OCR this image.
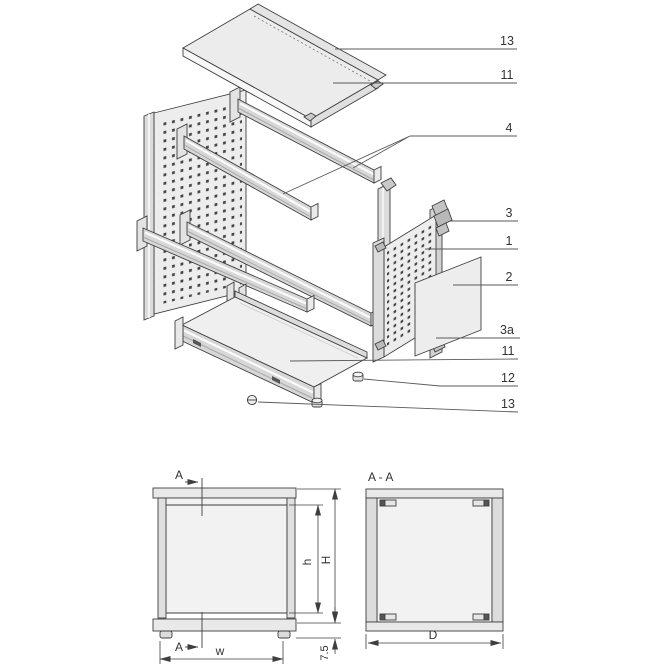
13
11
4
3
1
2
3a
11
12
13
A
A
h H
7.5
w
A - A
D
